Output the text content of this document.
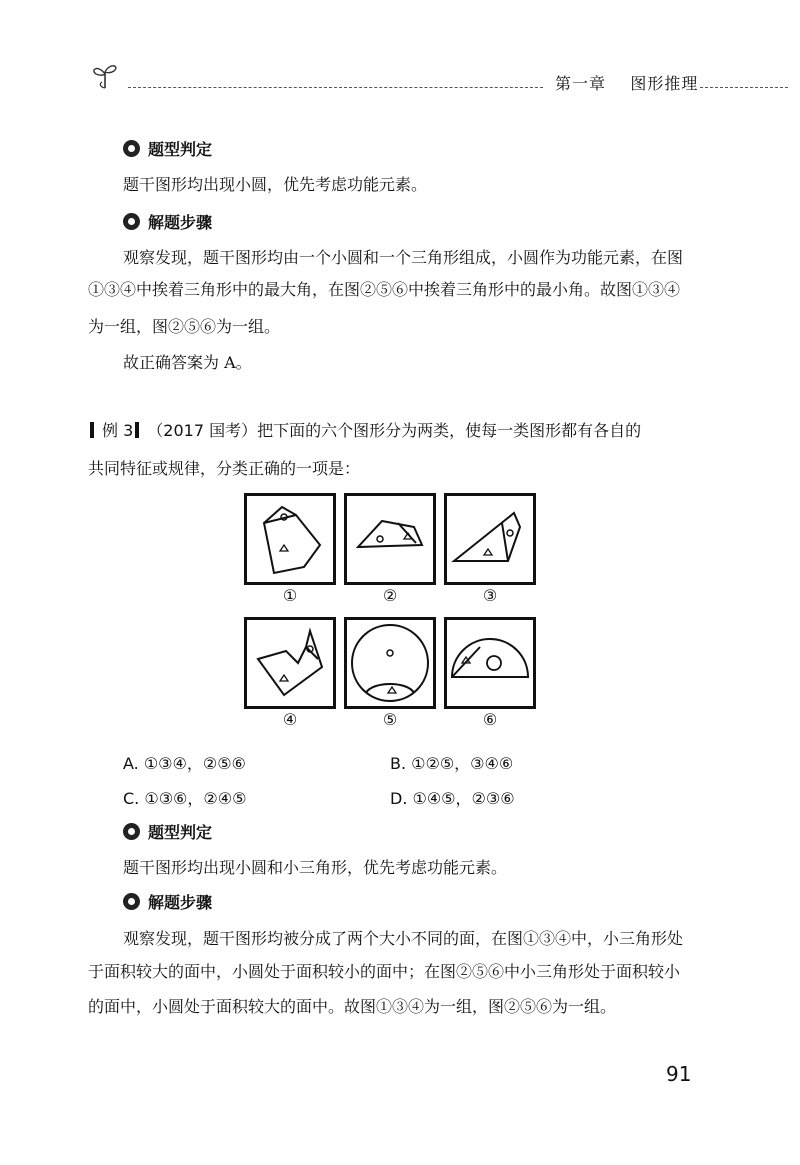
第一章 图形推理
题型判定
题干图形均出现小圆，优先考虑功能元素。
解题步骤
观察发现，题干图形均由一个小圆和一个三角形组成，小圆作为功能元素，在图
①③④中挨着三角形中的最大角，在图②⑤⑥中挨着三角形中的最小角。故图①③④
为一组，图②⑤⑥为一组。
故正确答案为 A。
例 3 （2017 国考）把下面的六个图形分为两类，使每一类图形都有各自的
共同特征或规律，分类正确的一项是：
①	②	③
④	⑤	⑥
A. ①③④，②⑤⑥	B. ①②⑤，③④⑥
C. ①③⑥，②④⑤	D. ①④⑤，②③⑥
题型判定
题干图形均出现小圆和小三角形，优先考虑功能元素。
解题步骤
观察发现，题干图形均被分成了两个大小不同的面，在图①③④中，小三角形处
于面积较大的面中，小圆处于面积较小的面中；在图②⑤⑥中小三角形处于面积较小
的面中，小圆处于面积较大的面中。故图①③④为一组，图②⑤⑥为一组。
91
